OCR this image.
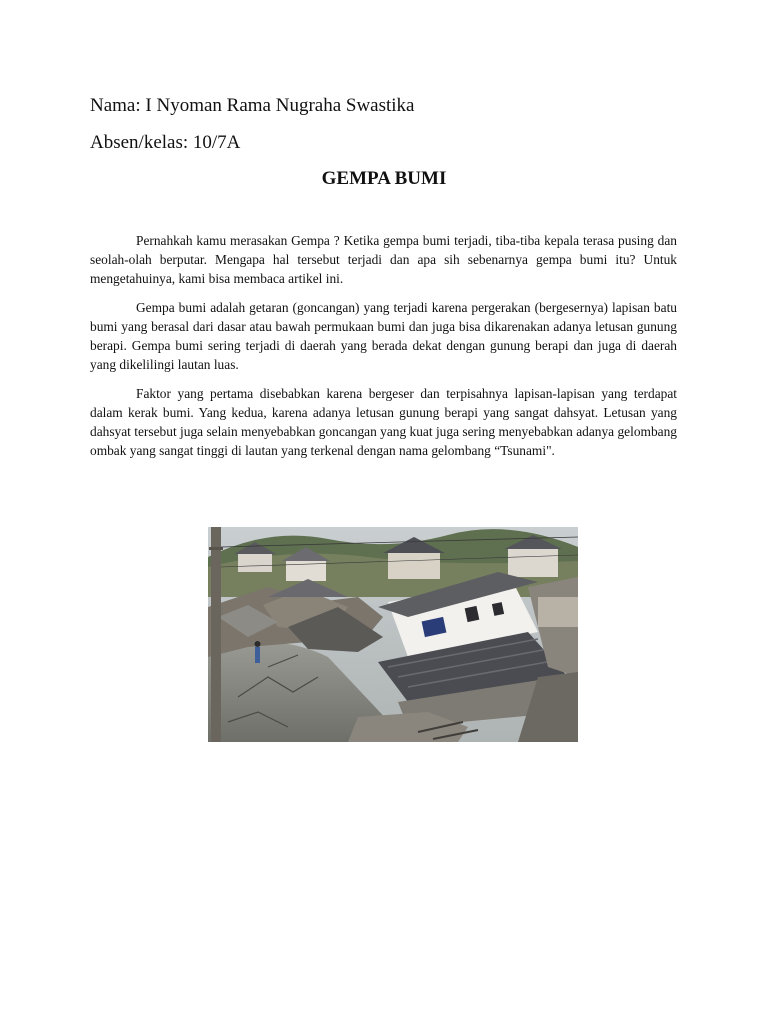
Nama: I Nyoman Rama Nugraha Swastika
Absen/kelas: 10/7A
GEMPA BUMI

Pernahkah kamu merasakan Gempa ? Ketika gempa bumi terjadi, tiba-tiba kepala terasa pusing dan seolah-olah berputar. Mengapa hal tersebut terjadi dan apa sih sebenarnya gempa bumi itu? Untuk mengetahuinya, kami bisa membaca artikel ini.

Gempa bumi adalah getaran (goncangan) yang terjadi karena pergerakan (bergesernya) lapisan batu bumi yang berasal dari dasar atau bawah permukaan bumi dan juga bisa dikarenakan adanya letusan gunung berapi. Gempa bumi sering terjadi di daerah yang berada dekat dengan gunung berapi dan juga di daerah yang dikelilingi lautan luas.

Faktor yang pertama disebabkan karena bergeser dan terpisahnya lapisan-lapisan yang terdapat dalam kerak bumi. Yang kedua, karena adanya letusan gunung berapi yang sangat dahsyat. Letusan yang dahsyat tersebut juga selain menyebabkan goncangan yang kuat juga sering menyebabkan adanya gelombang ombak yang sangat tinggi di lautan yang terkenal dengan nama gelombang “Tsunami".
